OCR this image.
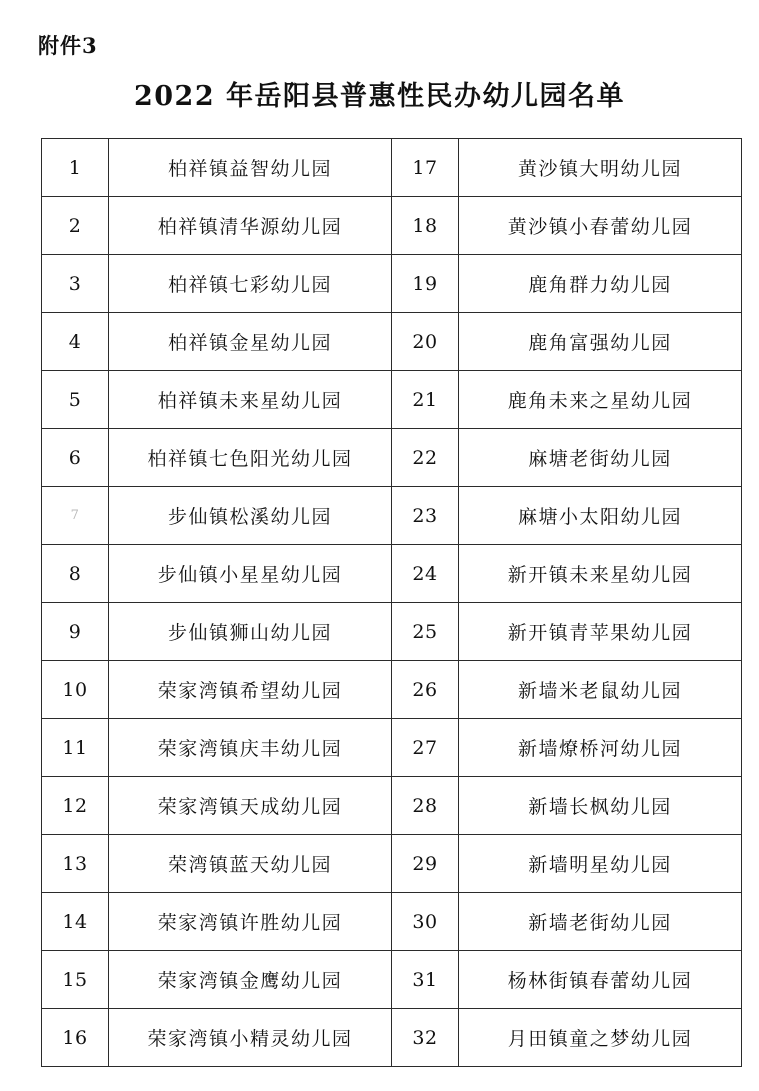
附件3
2022 年岳阳县普惠性民办幼儿园名单
1	柏祥镇益智幼儿园	17	黄沙镇大明幼儿园
2	柏祥镇清华源幼儿园	18	黄沙镇小春蕾幼儿园
3	柏祥镇七彩幼儿园	19	鹿角群力幼儿园
4	柏祥镇金星幼儿园	20	鹿角富强幼儿园
5	柏祥镇未来星幼儿园	21	鹿角未来之星幼儿园
6	柏祥镇七色阳光幼儿园	22	麻塘老街幼儿园
7	步仙镇松溪幼儿园	23	麻塘小太阳幼儿园
8	步仙镇小星星幼儿园	24	新开镇未来星幼儿园
9	步仙镇狮山幼儿园	25	新开镇青苹果幼儿园
10	荣家湾镇希望幼儿园	26	新墙米老鼠幼儿园
11	荣家湾镇庆丰幼儿园	27	新墙燎桥河幼儿园
12	荣家湾镇天成幼儿园	28	新墙长枫幼儿园
13	荣湾镇蓝天幼儿园	29	新墙明星幼儿园
14	荣家湾镇许胜幼儿园	30	新墙老街幼儿园
15	荣家湾镇金鹰幼儿园	31	杨林街镇春蕾幼儿园
16	荣家湾镇小精灵幼儿园	32	月田镇童之梦幼儿园
